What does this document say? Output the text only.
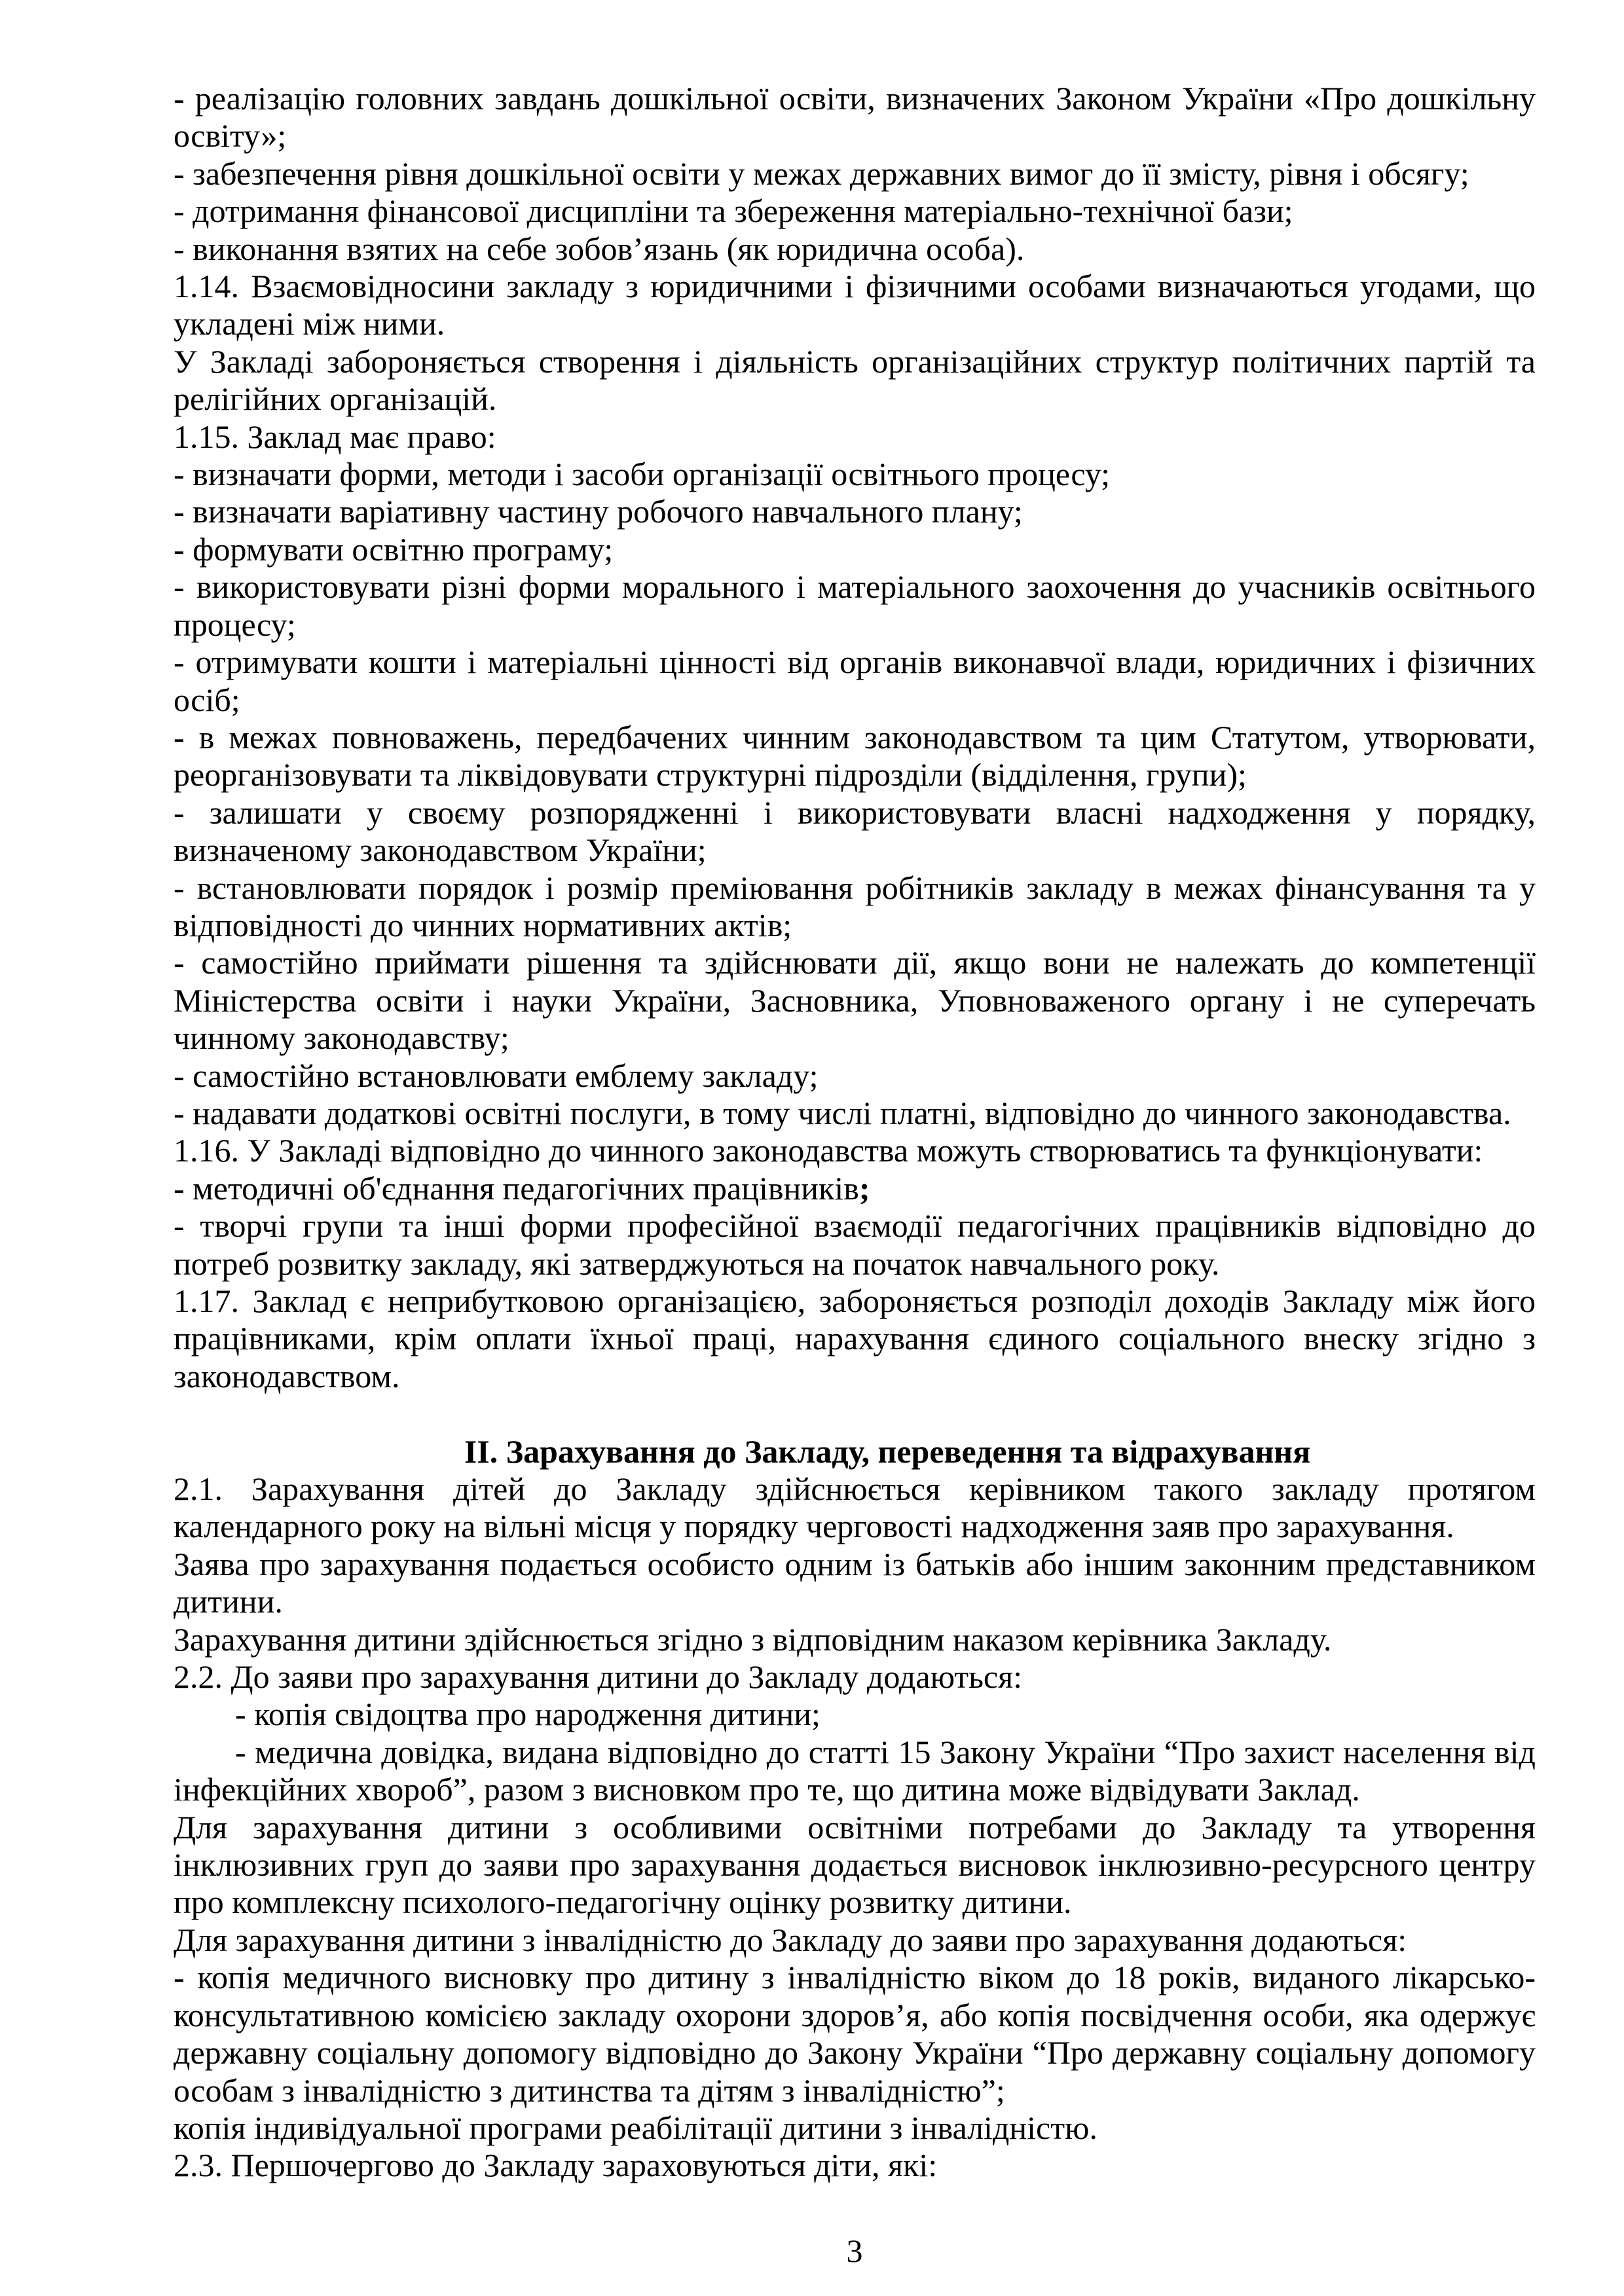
- реалізацію головних завдань дошкільної освіти, визначених Законом України «Про дошкільну освіту»;

- забезпечення рівня дошкільної освіти у межах державних вимог до її змісту, рівня і обсягу;

- дотримання фінансової дисципліни та збереження матеріально-технічної бази;

- виконання взятих на себе зобов’язань (як юридична особа).

1.14. Взаємовідносини закладу з юридичними і фізичними особами визначаються угодами, що укладені між ними.

У Закладі забороняється створення і діяльність організаційних структур політичних партій та релігійних організацій.

1.15. Заклад має право:

- визначати форми, методи і засоби організації освітнього процесу;

- визначати варіативну частину робочого навчального плану;

- формувати освітню програму;

- використовувати різні форми морального і матеріального заохочення до учасників освітнього процесу;

- отримувати кошти і матеріальні цінності від органів виконавчої влади, юридичних і фізичних осіб;

- в межах повноважень, передбачених чинним законодавством та цим Статутом, утворювати, реорганізовувати та ліквідовувати структурні підрозділи (відділення, групи);

- залишати у своєму розпорядженні і використовувати власні надходження у порядку, визначеному законодавством України;

- встановлювати порядок і розмір преміювання робітників закладу в межах фінансування та у відповідності до чинних нормативних актів;

- самостійно приймати рішення та здійснювати дії, якщо вони не належать до компетенції Міністерства освіти і науки України, Засновника, Уповноваженого органу і не суперечать чинному законодавству;

- самостійно встановлювати емблему закладу;

- надавати додаткові освітні послуги, в тому числі платні, відповідно до чинного законодавства.

1.16. У Закладі відповідно до чинного законодавства можуть створюватись та функціонувати:

- методичні об'єднання педагогічних працівників;

- творчі групи та інші форми професійної взаємодії педагогічних працівників відповідно до потреб розвитку закладу, які затверджуються на початок навчального року.

1.17. Заклад є неприбутковою організацією, забороняється розподіл доходів Закладу між його працівниками, крім оплати їхньої праці, нарахування єдиного соціального внеску згідно з законодавством.

ІІ. Зарахування до Закладу, переведення та відрахування

2.1. Зарахування дітей до Закладу здійснюється керівником такого закладу протягом календарного року на вільні місця у порядку черговості надходження заяв про зарахування.

Заява про зарахування подається особисто одним із батьків або іншим законним представником дитини.

Зарахування дитини здійснюється згідно з відповідним наказом керівника Закладу.

2.2. До заяви про зарахування дитини до Закладу додаються:

- копія свідоцтва про народження дитини;

- медична довідка, видана відповідно до статті 15 Закону України “Про захист населення від інфекційних хвороб”, разом з висновком про те, що дитина може відвідувати Заклад.

Для зарахування дитини з особливими освітніми потребами до Закладу та утворення інклюзивних груп до заяви про зарахування додається висновок інклюзивно-ресурсного центру про комплексну психолого-педагогічну оцінку розвитку дитини.

Для зарахування дитини з інвалідністю до Закладу до заяви про зарахування додаються:

- копія медичного висновку про дитину з інвалідністю віком до 18 років, виданого лікарсько-консультативною комісією закладу охорони здоров’я, або копія посвідчення особи, яка одержує державну соціальну допомогу відповідно до Закону України “Про державну соціальну допомогу особам з інвалідністю з дитинства та дітям з інвалідністю”;

копія індивідуальної програми реабілітації дитини з інвалідністю.

2.3. Першочергово до Закладу зараховуються діти, які:

3
